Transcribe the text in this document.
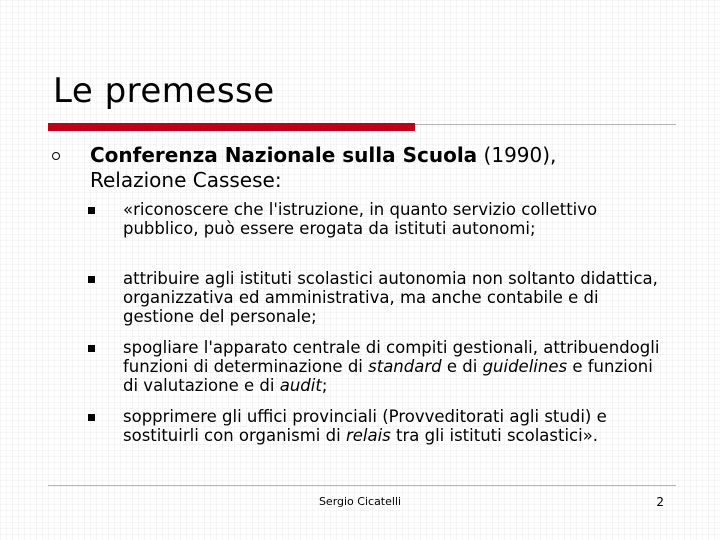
Le premesse
Conferenza Nazionale sulla Scuola (1990),
Relazione Cassese:
«riconoscere che l'istruzione, in quanto servizio collettivo pubblico, può essere erogata da istituti autonomi;
attribuire agli istituti scolastici autonomia non soltanto didattica, organizzativa ed amministrativa, ma anche contabile e di gestione del personale;
spogliare l'apparato centrale di compiti gestionali, attribuendogli funzioni di determinazione di standard e di guidelines e funzioni di valutazione e di audit;
sopprimere gli uffici provinciali (Provveditorati agli studi) e sostituirli con organismi di relais tra gli istituti scolastici».
Sergio Cicatelli	2
